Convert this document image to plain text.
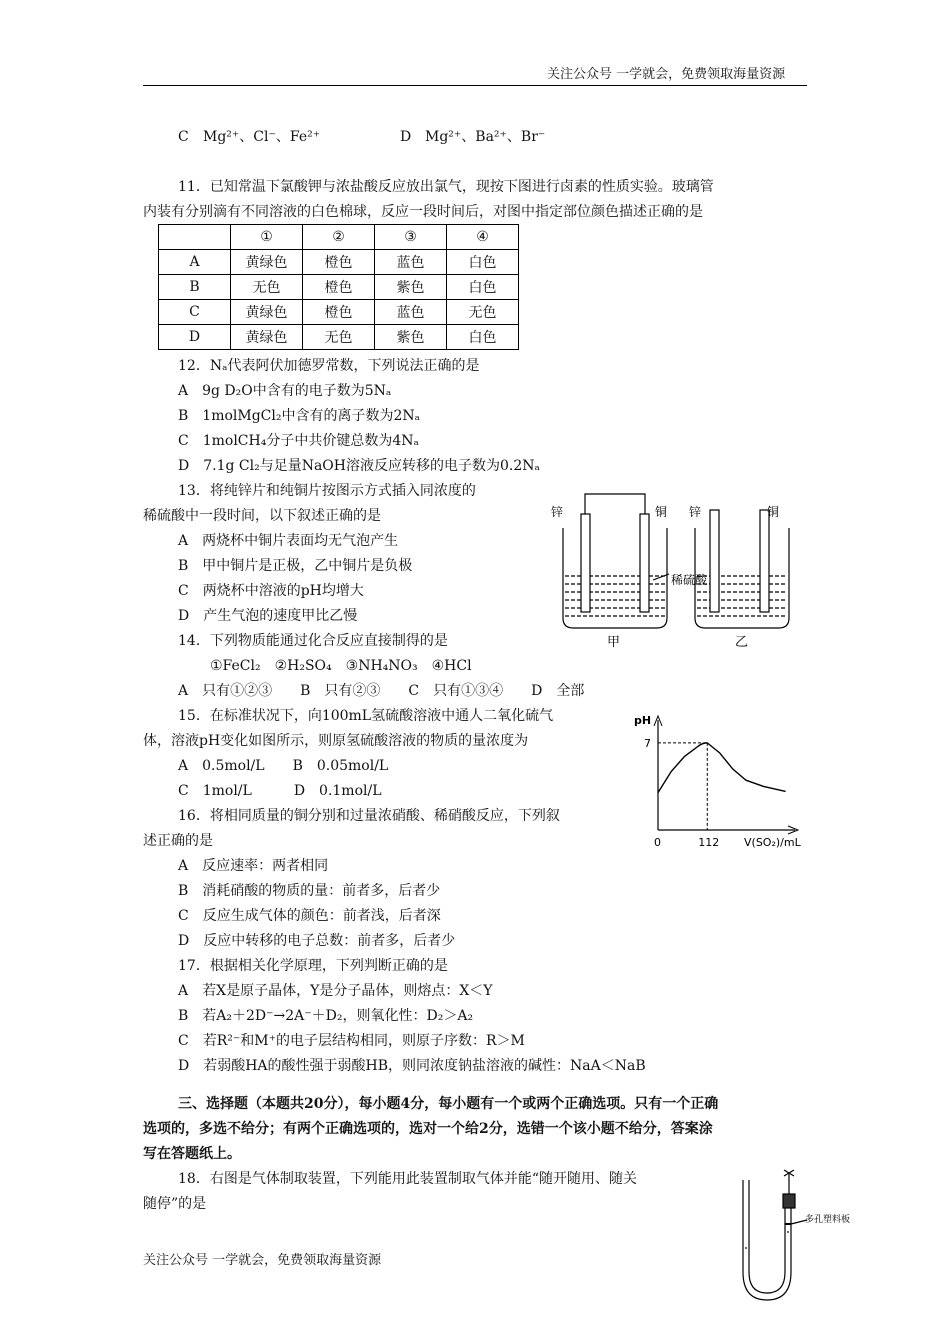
关注公众号 一学就会，免费领取海量资源
C Mg²⁺、Cl⁻、Fe²⁺	D Mg²⁺、Ba²⁺、Br⁻
11．已知常温下氯酸钾与浓盐酸反应放出氯气，现按下图进行卤素的性质实验。玻璃管
内装有分别滴有不同溶液的白色棉球，反应一段时间后，对图中指定部位颜色描述正确的是
	①	②	③	④
A	黄绿色	橙色	蓝色	白色
B	无色	橙色	紫色	白色
C	黄绿色	橙色	蓝色	无色
D	黄绿色	无色	紫色	白色
12．Nₐ代表阿伏加德罗常数，下列说法正确的是
A　9g D₂O中含有的电子数为5Nₐ
B　1molMgCl₂中含有的离子数为2Nₐ
C　1molCH₄分子中共价键总数为4Nₐ
D　7.1g Cl₂与足量NaOH溶液反应转移的电子数为0.2Nₐ
13．将纯锌片和纯铜片按图示方式插入同浓度的
稀硫酸中一段时间，以下叙述正确的是
A　两烧杯中铜片表面均无气泡产生
B　甲中铜片是正极，乙中铜片是负极
C　两烧杯中溶液的pH均增大
D　产生气泡的速度甲比乙慢
锌	铜 锌	铜
稀硫酸
甲	乙
14．下列物质能通过化合反应直接制得的是
①FeCl₂　②H₂SO₄　③NH₄NO₃　④HCl
A　只有①②③　　B　只有②③　　C　只有①③④　　D　全部
15．在标准状况下，向100mL氢硫酸溶液中通人二氧化硫气
体，溶液pH变化如图所示，则原氢硫酸溶液的物质的量浓度为
A　0.5mol/L　　B　0.05mol/L
C　1mol/L　　　D　0.1mol/L
pH
7
0	112 V(SO₂)/mL
16．将相同质量的铜分别和过量浓硝酸、稀硝酸反应，下列叙
述正确的是
A　反应速率：两者相同
B　消耗硝酸的物质的量：前者多，后者少
C　反应生成气体的颜色：前者浅，后者深
D　反应中转移的电子总数：前者多，后者少
17．根据相关化学原理，下列判断正确的是
A　若X是原子晶体，Y是分子晶体，则熔点：X＜Y
B　若A₂＋2D⁻→2A⁻＋D₂，则氧化性：D₂＞A₂
C　若R²⁻和M⁺的电子层结构相同，则原子序数：R＞M
D　若弱酸HA的酸性强于弱酸HB，则同浓度钠盐溶液的碱性：NaA＜NaB
三、选择题（本题共20分），每小题4分，每小题有一个或两个正确选项。只有一个正确
选项的，多选不给分；有两个正确选项的，选对一个给2分，选错一个该小题不给分，答案涂
写在答题纸上。
18．右图是气体制取装置，下列能用此装置制取气体并能“随开随用、随关
随停”的是
多孔塑料板
关注公众号 一学就会，免费领取海量资源
